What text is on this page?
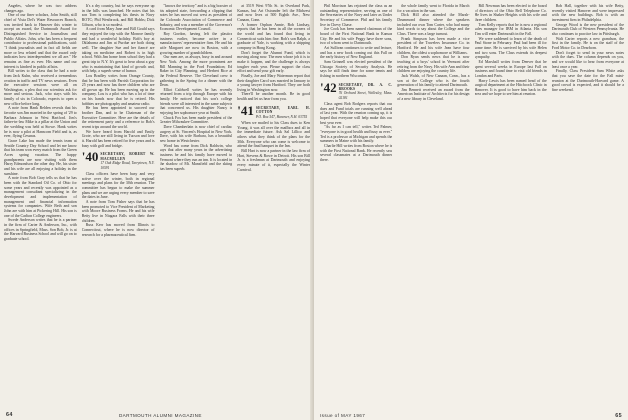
Angeles, where he was two address changes ago.

One of our finer scholars, John Smith, still chief of Vista Del's Water Resources Branch, was invited back to Hanover this winter to accept an award, the Dartmouth Award for Distinguished Service in Journalism and Public Affairs. John, who has been a frequent contributor to professional publications, said: "I think journalists and in fact all fields are more or less related and that the award only indicates how interdependent we all are." He remains as fine as ever. His name and our interest is kindred in public affairs.

Bill writes to the class that he had a note from Jack Kuhn, who received a tremendous ovation in traffic and TV news sessions. Even the executive sessions were all on Washington, a plea that our scientists ask for more and serious. Jack, who stays with his family of six in Colorado, expects to open a new office before long.

A note from Hank Belden reveals that his favorite son Jim married in the spring of '29 to Barbara Johnson in West Hartford. Jim's father-in-law Mike is a pillar at the Union and the wedding was held at Stowe. Hank writes he is now a pilot at Hanscom Field and is, as ever, flying Cessnas.

Grace Lake has made the tennis team at Seattle Country Day School and let me know that his team won every match from the Green Acres spring vacation. The happy grandparents are now visiting with them Harry Edmondson the other day. He, his sister and his wife are all enjoying a holiday in the sunshine.

A note from Bob Gray tells us that he has been with the Standard Oil Co. of Ohio for some years and recently was appointed as a management consultant specializing in the development and implementation of management and financial information systems for companies. Wife Beth and son John are with him at Pickering Hill. His son is one of the Carlton College engineers.

Swede Anderson writes that he is a partner in the firm of Carter & Anderson, Inc., with offices in Springfield, Mass. Son Bob, Jr. is at the Harvard Business School and will go on to graduate school.

It's a dry country, but he says everyone up in the hills was launched. He notes that his son Tom is completing his thesis in Navy ROTC; Phil Westbrook, and Bill Hobbs; Dick Gibson, who is so modest.

A card from Mary Jane and Bill Gould says they enjoyed the trip with the Monroe family and had a wonderful holiday. Bob's boy at Oklahoma and Jim at Purdue are both doing well. The daughter Sue and her fiancé are taking on medicine and Robert is in high school. With Jim home from school they had a great trip to N.Y. It's great to hear about a guy who is maintaining that kind of growth and, with help, a superb sense of humor.

Lou Bradley writes from Orange County, that he has been with Parrish Corporation for 25 years and now has three children who are all grown up. He has been moving up in the company. Lou is a pilot who has a lot of time on his hands now that he is retired. His hobbies are photography and amateur radio.

He has been appointed to succeed our brother Dan, and to be Chairman of the Executive Committee. Here are the details of the retirement party and a reference to Bob's recent trips around the world.

We have heard from Harold and Emily Grote, who are still living in Tucson and love it. Harold has been retired for five years and is busy with golf and bridge.

'40 SECRETARY, ROBERT W. MACMILLEN
17 Oak Ridge Road, Tarrytown, N.Y. 10591

Class officers have been busy and very active over the winter, both in regional meetings and plans for the 30th reunion. The committee has begun to make the summer plans and we are urging every member to save the dates in June.

A note from Tom Fisher says that he has been promoted to Vice President of Marketing with Moore Business Forms. He and his wife Betty live in Niagara Falls with their three children.

Russ Kerr has moved from Illinois to Connecticut, where he is now director of research for a pharmaceutical firm.

"knows the territory" and is a big booster of his adopted state, forwarding a clipping that notes he has moved out west as president of the Colorado Association of Commerce and Industry, and was a member of the Governor's Economic Development Council.

Roy Gordon, having left the plastics business earlier, became active in a manufacturers' representative firm. He and his wife Margaret are now in Boston, with a growing number of grandchildren.

Our men are, as always, busy in and around New York. Among the more prominent are Bill Manning in the Ford Foundation; Ed Baker in City Planning; and Herbert Rice at the Federal Reserve. The Cleveland crew is gathering in the Spring for a dinner with the Dean.

Elliot Caldwell writes he has recently returned from a trip through Europe with his family. He noticed that his son's college friends were all interested in the same subjects that concerned us. His daughter Nancy is enjoying her sophomore year at Smith.

Chuck Fox has been made president of the Greater Milwaukee Committee.

Dave Chamberlain is now chief of cardiac surgery at St. Vincent's Hospital in New York. Dave, with his wife Barbara, has a beautiful new home in Westchester.

Word has come from Dick Baldwin, who says that after many years in the advertising business he and his family have moved to Vermont where they run an inn. It is located in the shadow of Mt. Mansfield and the skiing has been superb.

at 3519 West 97th St. in Overland Park, Kansas, but Art Ostrander left the Midwest and now lives at 500 Eighth Ave., New Canaan, Conn.

A former Orphan Annie, Bob Lindsay, reports that he has been in all the corners of the world and has found that living in Connecticut suits him fine. Bob's son Ralph, a graduate of Yale, is working with a shipping company in Hong Kong.

Don't forget the Alumni Fund, which is moving along now. The men whose job it is to make it happen, and the challenge is always tougher each year. Please support the class effort and send your gift early.

Finally, Joe and Mary Waterman report that their daughter Carol was married in January to a young lawyer from Hartford. They are both living in Washington now.

There'll be another month. Be in good health and let us hear from you.

'41 SECRETARY, EARL H. COTTON
P.O. Box 547, Hanover, N.H. 03755

When we mailed to his Class dues to Ken Young, it was all over the mailbox and all in the immediate future. Ask Sal Lillico and others what they think of the plans for the 30th. Everyone who can come is welcome to attend the final banquet in the Inn.

Bill Hart is now a partner in the law firm of Hart, Stevens & Rowe in Detroit. His son Bill Jr. is a freshman at Dartmouth and enjoying every minute of it, especially the Winter Carnival.

64	DARTMOUTH ALUMNI MAGAZINE

Phil Morrison has rejoined the class as an outstanding representative, serving as one of the Secretaries of the Navy and later as Under Secretary of Commerce. Phil and his family live in Chevy Chase.

Joe Cook has been named chairman of the board of the First National Bank in Kansas City. He and his wife Peggy have three sons, two of whom went to Dartmouth.

Art Sullivan continues to write and lecture, and has a new book coming out this Fall on the early history of New England.

Sam Grinnell was elected president of the Chicago Society of Security Analysts. He says he still finds time for some tennis and fishing in northern Wisconsin.

'42 SECRETARY, DR. A. C. BROOKS
76 Orchard Street, Wellesley, Mass. 02181

Class agent Bob Rodgers reports that our dues and Fund totals are running well ahead of last year. With the reunion coming up, it is hoped that everyone will help make this our best year ever.

"As far as I can tell," writes Ted Palmer, "everyone is in good health and busy as ever." Ted is a professor at Michigan and spends the summers in Maine with his family.

Charlie Hill writes from Boston where he is with the First National Bank. He recently saw several classmates at a Dartmouth dinner there.

the whole family went to Florida in March for a vacation in the sun.

Dick Hill also attended the Marsh-Drummond dinner where the speakers included our own Tom Carter, who had many kind words to say about the College and the Class. There was a large turnout.

Frank Simpson has been made a vice president of the Travelers Insurance Co. in Hartford. He and his wife Jean have four children, the oldest a sophomore at Williams.

Don Ryan sends news that he is now teaching at a boys' school in Vermont after retiring from the Navy. His wife Ann and their children are enjoying the country life.

Jack Walsh, of New Canaan, Conn., has a son at the College who is the fourth generation of his family to attend Dartmouth.

Jim Bennett received an award from the American Institute of Architects for his design of a new library in Cleveland.

Bill Newman has been elected to the board of directors of the Ohio Bell Telephone Co. He lives in Shaker Heights with his wife and three children.

Tom Kelly reports that he is now a regional sales manager for IBM in Atlanta. His son Tim will enter Dartmouth in the Fall.

We were saddened to learn of the death of Paul Stone in February. Paul had been ill for some time. He is survived by his wife Helen and two sons. The Class extends its deepest sympathy.

Ed Marshall writes from Denver that he spent several weeks in Europe last Fall on business and found time to visit old friends in London and Paris.

Harry Lewis has been named head of the surgical department at the Hitchcock Clinic in Hanover. It is good to have him back in the area and we hope to see him at reunion.

Bob Hall, together with his wife Betty, recently visited Hanover and were impressed with the new buildings. Bob is with an investment firm in Philadelphia.

George Wood is the new president of the Dartmouth Club of Western Pennsylvania. He also continues to practice law in Pittsburgh.

Walt Carter reports a new grandson, the first in the family. He is on the staff of the Ford Motor Co. in Dearborn.

Don't forget to send in your news notes with the dues. The column depends on you, and we would like to hear from everyone at least once a year.

Finally, Class President Sam White asks that you save the date for the Fall mini-reunion at the Dartmouth-Harvard game. A good crowd is expected, and it should be a fine weekend.

Issue of MAY 1967	65
